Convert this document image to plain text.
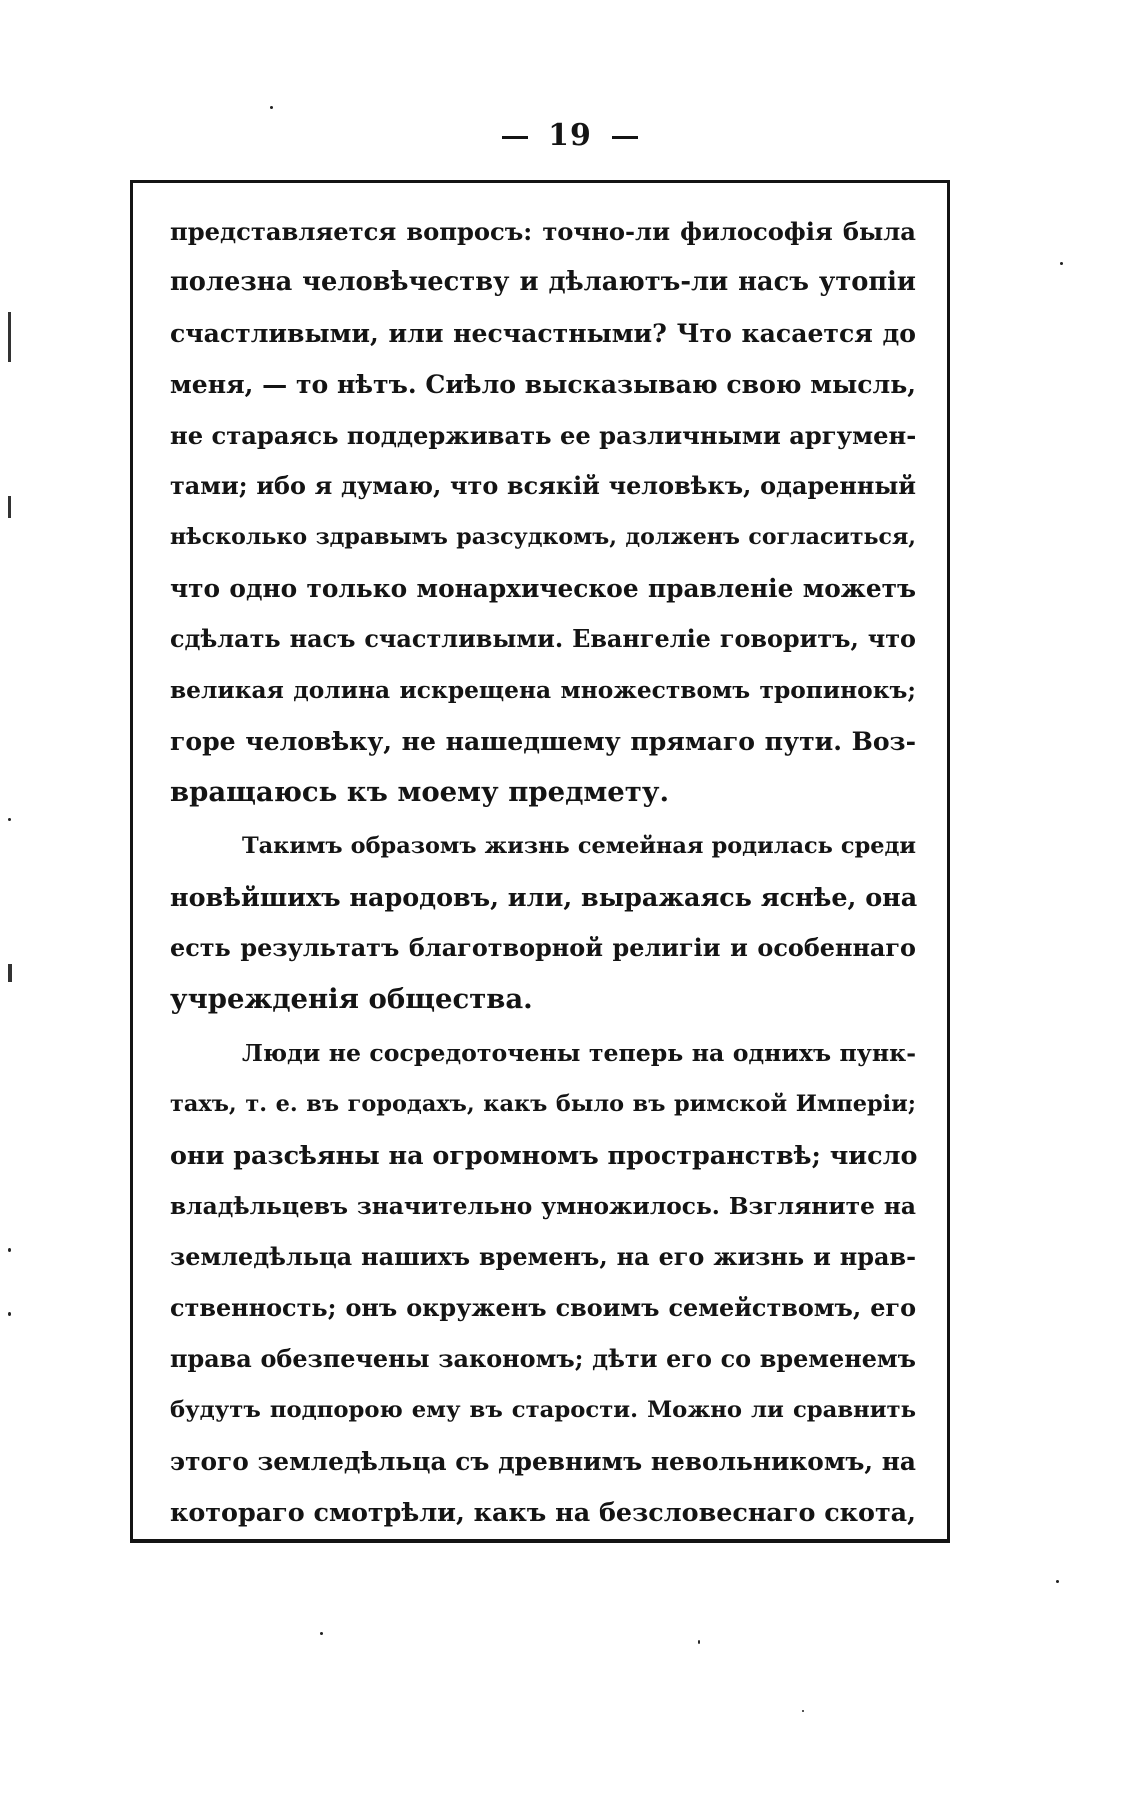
19
представляется вопросъ: точно-ли философія была
полезна человѣчеству и дѣлаютъ-ли насъ утопіи
счастливыми, или несчастными? Что касается до
меня, — то нѣтъ. Сиѣло высказываю свою мысль,
не стараясь поддерживать ее различными аргумен-
тами; ибо я думаю, что всякій человѣкъ, одаренный
нѣсколько здравымъ разсудкомъ, долженъ согласиться,
что одно только монархическое правленіе можетъ
сдѣлать насъ счастливыми. Евангеліе говоритъ, что
великая долина искрещена множествомъ тропинокъ;
горе человѣку, не нашедшему прямаго пути. Воз-
вращаюсь къ моему предмету.
Такимъ образомъ жизнь семейная родилась среди
новѣйшихъ народовъ, или, выражаясь яснѣе, она
есть результатъ благотворной религіи и особеннаго
учрежденія общества.
Люди не сосредоточены теперь на однихъ пунк-
тахъ, т. е. въ городахъ, какъ было въ римской Имперіи;
они разсѣяны на огромномъ пространствѣ; число
владѣльцевъ значительно умножилось. Взгляните на
земледѣльца нашихъ временъ, на его жизнь и нрав-
ственность; онъ окруженъ своимъ семействомъ, его
права обезпечены закономъ; дѣти его со временемъ
будутъ подпорою ему въ старости. Можно ли сравнить
этого земледѣльца съ древнимъ невольникомъ, на
котораго смотрѣли, какъ на безсловеснаго скота,
